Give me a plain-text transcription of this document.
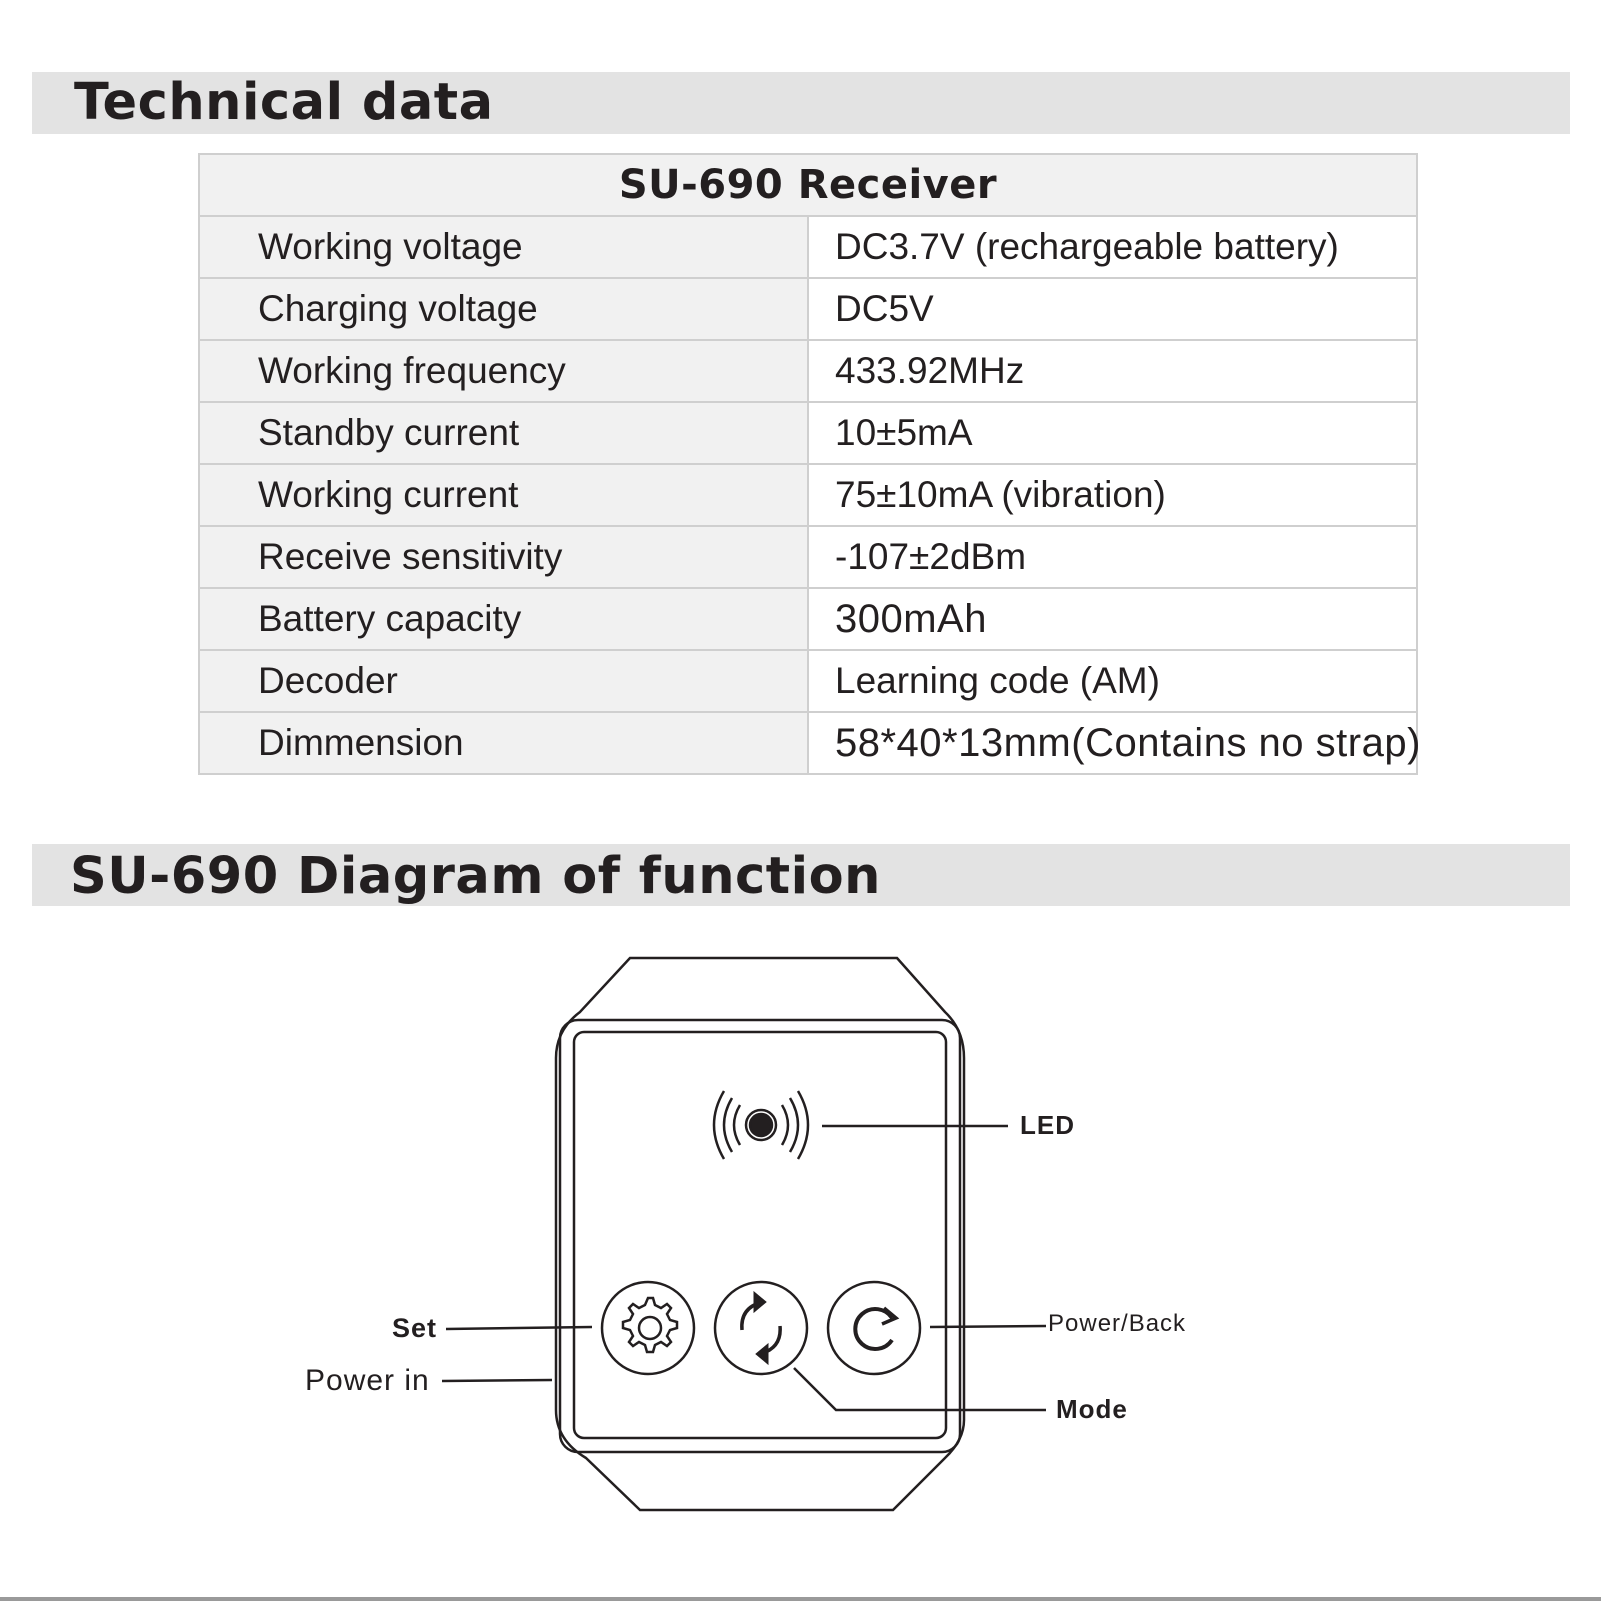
Technical data
SU-690 Receiver	
Working voltage	DC3.7V (rechargeable battery)
Charging voltage	DC5V
Working frequency	433.92MHz
Standby current	10±5mA
Working current	75±10mA (vibration)
Receive sensitivity	-107±2dBm
Battery capacity	300mAh
Decoder	Learning code (AM)
Dimmension	58*40*13mm(Contains no strap)
SU-690 Diagram of function
LED
Set
Power in
Power/Back
Mode
